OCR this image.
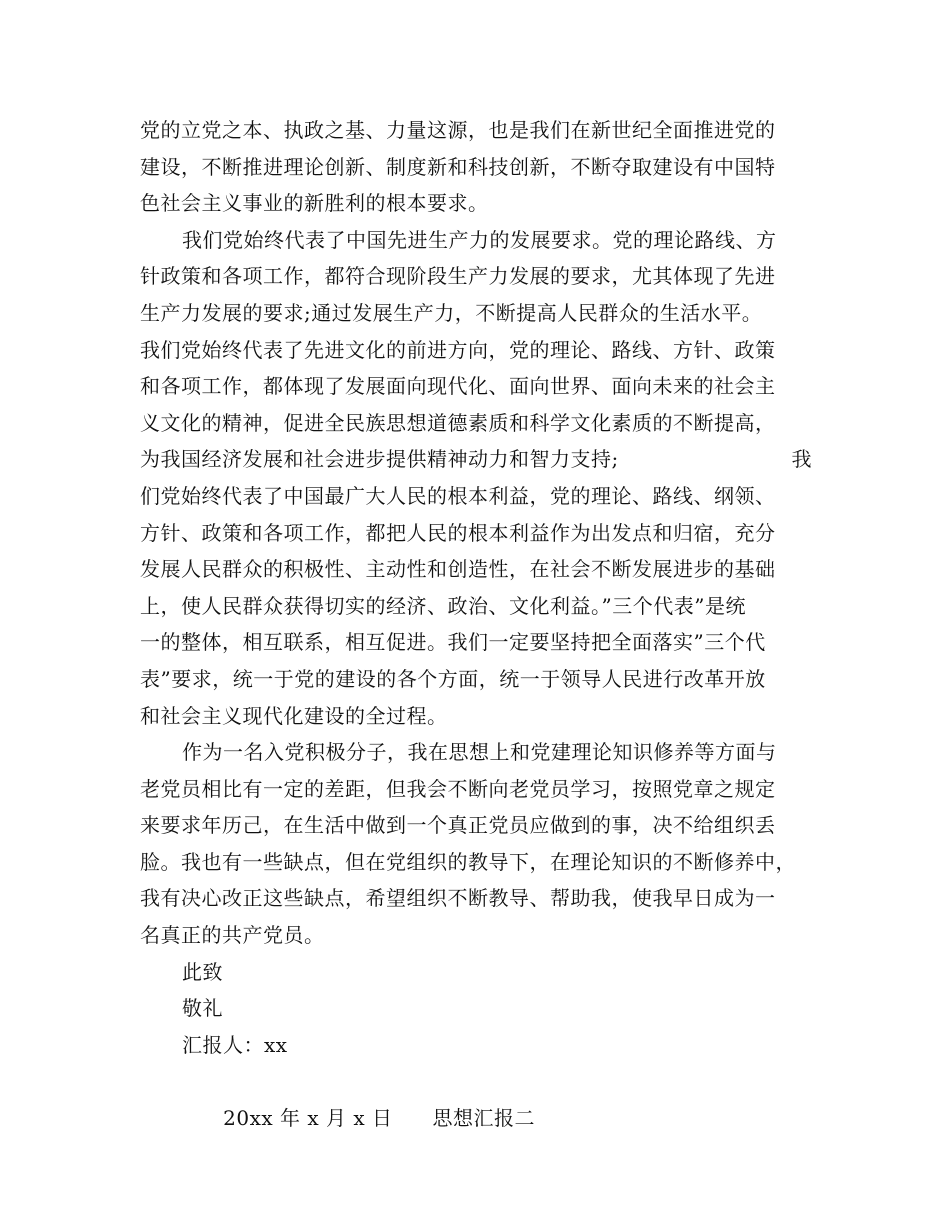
党的立党之本、执政之基、力量这源，也是我们在新世纪全面推进党的
建设，不断推进理论创新、制度新和科技创新，不断夺取建设有中国特
色社会主义事业的新胜利的根本要求。
我们党始终代表了中国先进生产力的发展要求。党的理论路线、方
针政策和各项工作，都符合现阶段生产力发展的要求，尤其体现了先进
生产力发展的要求;通过发展生产力，不断提高人民群众的生活水平。
我们党始终代表了先进文化的前进方向，党的理论、路线、方针、政策
和各项工作，都体现了发展面向现代化、面向世界、面向未来的社会主
义文化的精神，促进全民族思想道德素质和科学文化素质的不断提高，
为我国经济发展和社会进步提供精神动力和智力支持;	我
们党始终代表了中国最广大人民的根本利益，党的理论、路线、纲领、
方针、政策和各项工作，都把人民的根本利益作为出发点和归宿，充分
发展人民群众的积极性、主动性和创造性，在社会不断发展进步的基础
上，使人民群众获得切实的经济、政治、文化利益。”三个代表”是统
一的整体，相互联系，相互促进。我们一定要坚持把全面落实”三个代
表”要求，统一于党的建设的各个方面，统一于领导人民进行改革开放
和社会主义现代化建设的全过程。
作为一名入党积极分子，我在思想上和党建理论知识修养等方面与
老党员相比有一定的差距，但我会不断向老党员学习，按照党章之规定
来要求年历己，在生活中做到一个真正党员应做到的事，决不给组织丢
脸。我也有一些缺点，但在党组织的教导下，在理论知识的不断修养中，
我有决心改正这些缺点，希望组织不断教导、帮助我，使我早日成为一
名真正的共产党员。
此致
敬礼
汇报人：xx

20xx 年 x 月 x 日 思想汇报二
